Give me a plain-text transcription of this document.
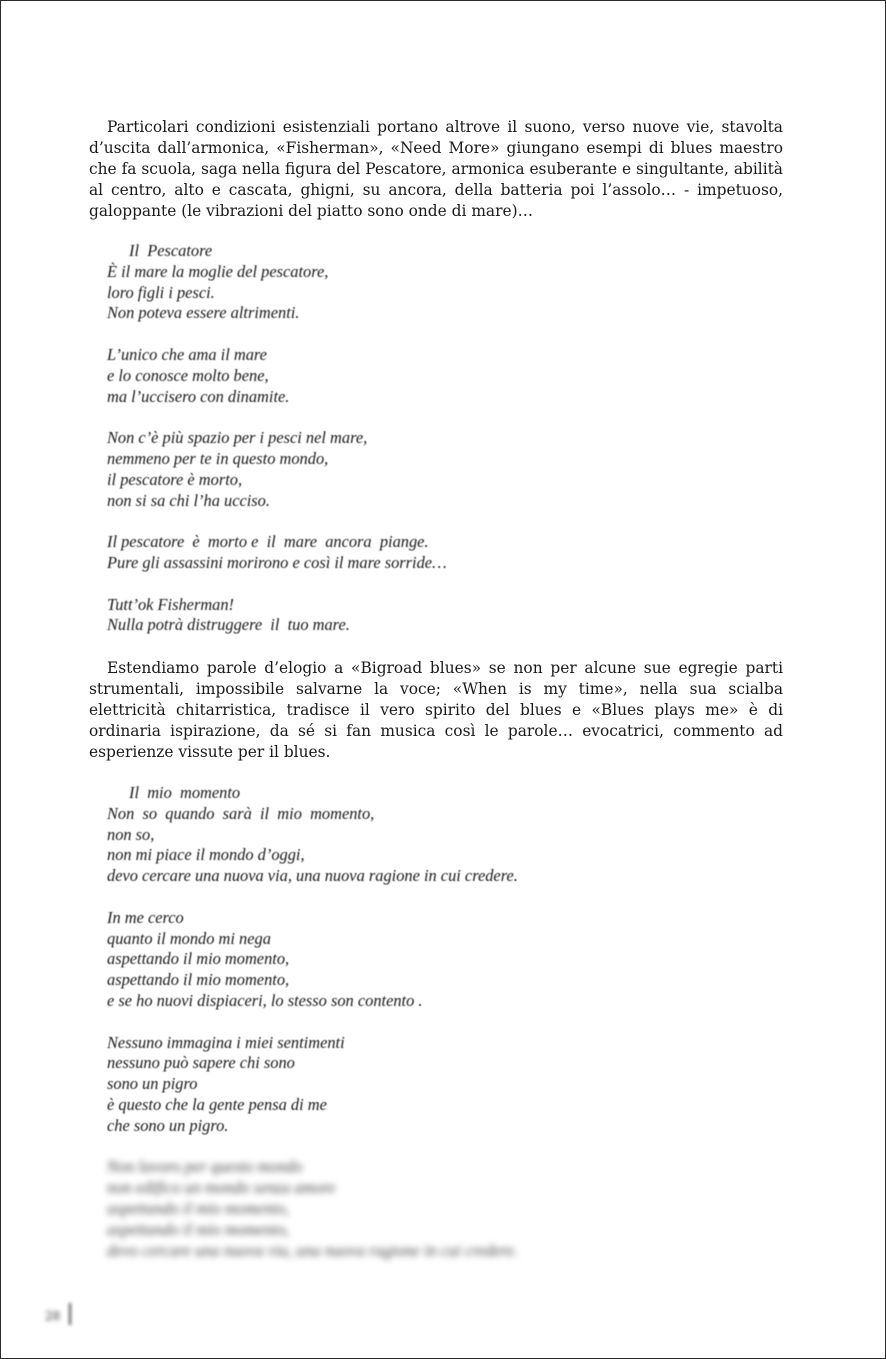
Particolari condizioni esistenziali portano altrove il suono, verso nuove vie, stavolta d’uscita dall’armonica, «Fisherman», «Need More» giungano esempi di blues maestro che fa scuola, saga nella figura del Pescatore, armonica esuberante e singultante, abilità al centro, alto e cascata, ghigni, su ancora, della batteria poi l’assolo… - impetuoso, galoppante (le vibrazioni del piatto sono onde di mare)…

Il  Pescatore
È il mare la moglie del pescatore,
loro figli i pesci.
Non poteva essere altrimenti.

L’unico che ama il mare
e lo conosce molto bene,
ma l’uccisero con dinamite.

Non c’è più spazio per i pesci nel mare,
nemmeno per te in questo mondo,
il pescatore è morto,
non si sa chi l’ha ucciso.

Il pescatore  è  morto e  il  mare  ancora  piange.
Pure gli assassini morirono e così il mare sorride…

Tutt’ok Fisherman!
Nulla potrà distruggere  il  tuo mare.

Estendiamo parole d’elogio a «Bigroad blues» se non per alcune sue egregie parti strumentali, impossibile salvarne la voce; «When is my time», nella sua scialba elettricità chitarristica, tradisce il vero spirito del blues e «Blues plays me» è di ordinaria ispirazione, da sé si fan musica così le parole… evocatrici, commento ad esperienze vissute per il blues.

Il  mio  momento
Non  so  quando  sarà  il  mio  momento,
non so,
non mi piace il mondo d’oggi,
devo cercare una nuova via, una nuova ragione in cui credere.

In me cerco
quanto il mondo mi nega
aspettando il mio momento,
aspettando il mio momento,
e se ho nuovi dispiaceri, lo stesso son contento .

Nessuno immagina i miei sentimenti
nessuno può sapere chi sono
sono un pigro
è questo che la gente pensa di me
che sono un pigro.

Non lavoro per questo mondo
non edifico un mondo senza amore
aspettando il mio momento,
aspettando il mio momento,
devo cercare una nuova via, una nuova ragione in cui credere.
28
